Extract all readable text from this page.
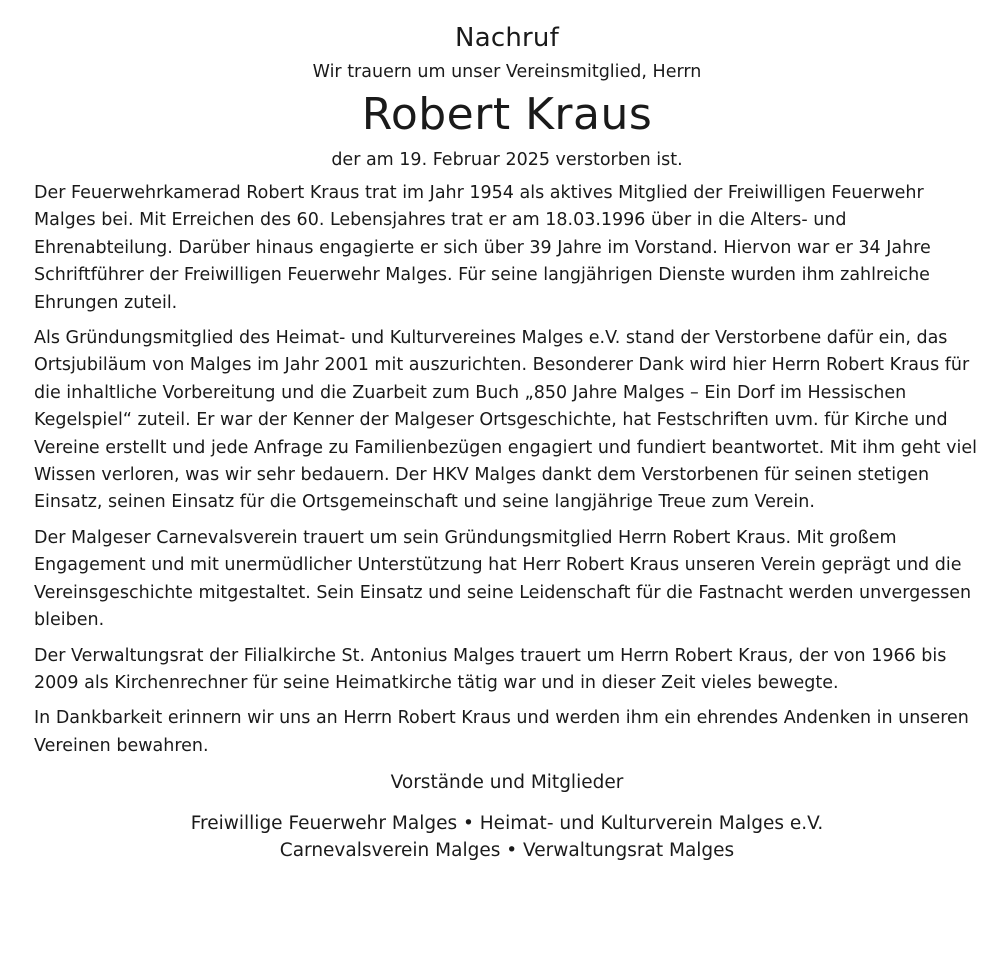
Nachruf
Wir trauern um unser Vereinsmitglied, Herrn
Robert Kraus
der am 19. Februar 2025 verstorben ist.

Der Feuerwehrkamerad Robert Kraus trat im Jahr 1954 als aktives Mitglied der Freiwilligen Feuerwehr Malges bei. Mit Erreichen des 60. Lebensjahres trat er am 18.03.1996 über in die Alters- und Ehrenabteilung. Darüber hinaus engagierte er sich über 39 Jahre im Vorstand. Hiervon war er 34 Jahre Schriftführer der Freiwilligen Feuerwehr Malges. Für seine langjährigen Dienste wurden ihm zahlreiche Ehrungen zuteil.

Als Gründungsmitglied des Heimat- und Kulturvereines Malges e.V. stand der Verstorbene dafür ein, das Ortsjubiläum von Malges im Jahr 2001 mit auszurichten. Besonderer Dank wird hier Herrn Robert Kraus für die inhaltliche Vorbereitung und die Zuarbeit zum Buch „850 Jahre Malges – Ein Dorf im Hessischen Kegelspiel“ zuteil. Er war der Kenner der Malgeser Ortsgeschichte, hat Festschriften uvm. für Kirche und Vereine erstellt und jede Anfrage zu Familienbezügen engagiert und fundiert beantwortet. Mit ihm geht viel Wissen verloren, was wir sehr bedauern. Der HKV Malges dankt dem Verstorbenen für seinen stetigen Einsatz, seinen Einsatz für die Ortsgemeinschaft und seine langjährige Treue zum Verein.

Der Malgeser Carnevalsverein trauert um sein Gründungsmitglied Herrn Robert Kraus. Mit großem Engagement und mit unermüdlicher Unterstützung hat Herr Robert Kraus unseren Verein geprägt und die Vereinsgeschichte mitgestaltet. Sein Einsatz und seine Leidenschaft für die Fastnacht werden unvergessen bleiben.

Der Verwaltungsrat der Filialkirche St. Antonius Malges trauert um Herrn Robert Kraus, der von 1966 bis 2009 als Kirchenrechner für seine Heimatkirche tätig war und in dieser Zeit vieles bewegte.

In Dankbarkeit erinnern wir uns an Herrn Robert Kraus und werden ihm ein ehrendes Andenken in unseren Vereinen bewahren.

Vorstände und Mitglieder
Freiwillige Feuerwehr Malges • Heimat- und Kulturverein Malges e.V.
Carnevalsverein Malges • Verwaltungsrat Malges
